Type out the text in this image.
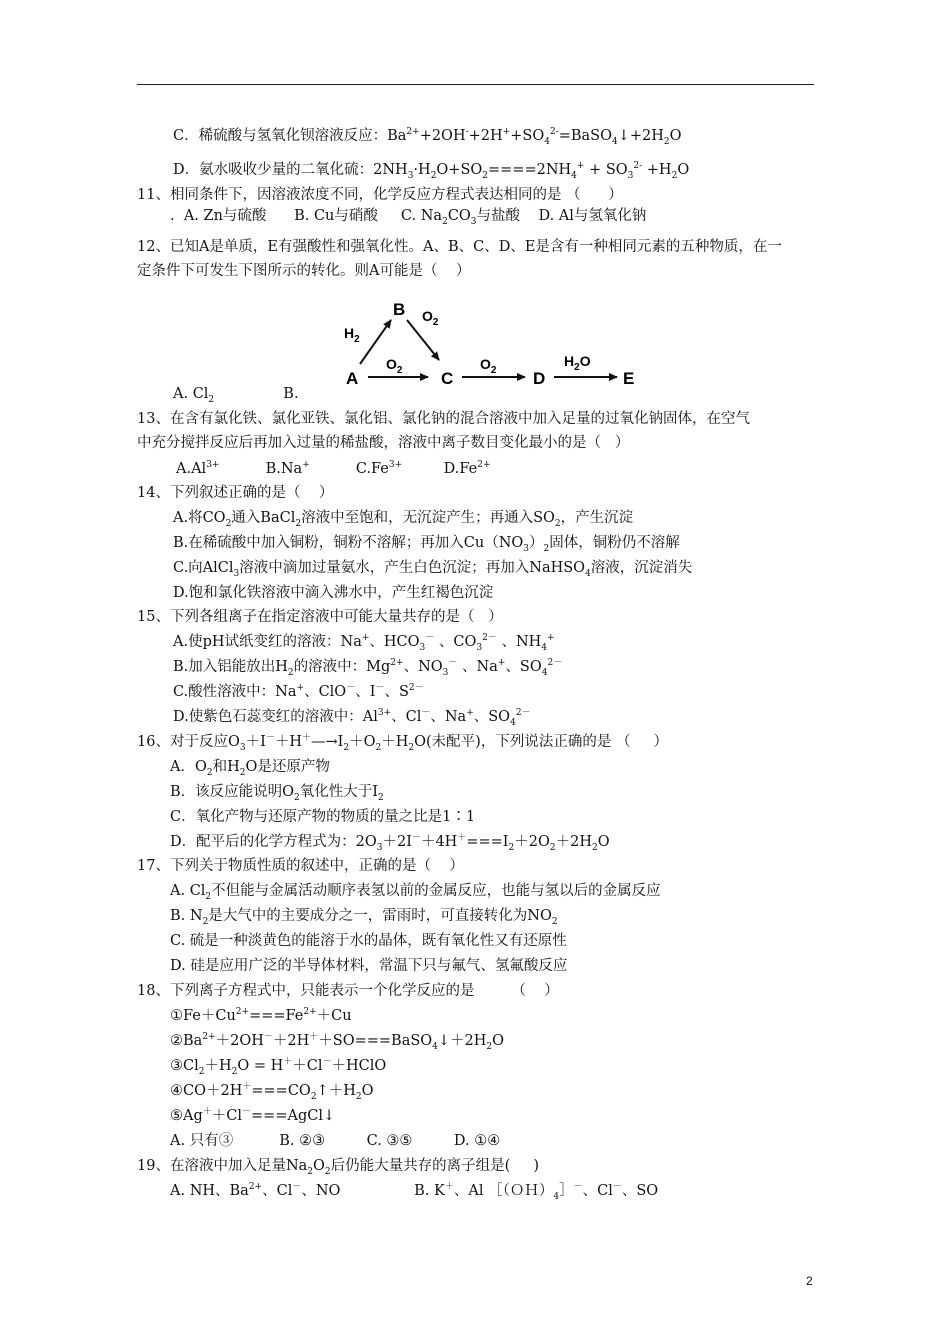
C．稀硫酸与氢氧化钡溶液反应：$Ba^{2+}+2OH^-+2H^++SO_4^{2-}=BaSO_4↓+2H_2O$
D．氨水吸收少量的二氧化硫：$2NH_3\cdot H_2O+SO_2====2NH_4^+ + SO_3^{2-} +H_2O$
11、相同条件下，因溶液浓度不同，化学反应方程式表达相同的是 （      ）
.  A. Zn与硫酸      B. Cu与硝酸     C. $Na_2CO_3$与盐酸    D. Al与氢氧化钠
12、已知A是单质，E有强酸性和强氧化性。A、B、C、D、E是含有一种相同元素的五种物质，在一
定条件下可发生下图所示的转化。则A可能是（    ）
A. $Cl_2$               B.
13、在含有氯化铁、氯化亚铁、氯化铝、氯化钠的混合溶液中加入足量的过氧化钠固体，在空气
中充分搅拌反应后再加入过量的稀盐酸，溶液中离子数目变化最小的是（   ）
$A.Al^{3+}$          B.Na+          $C.Fe^{3+}$         $D.Fe^{2+}$
14、下列叙述正确的是（    ）
A.将$CO_2$通入BaCl$_2$溶液中至饱和，无沉淀产生；再通入$SO_2$，产生沉淀
B.在稀硫酸中加入铜粉，铜粉不溶解；再加入$Cu(NO_3)_2$固体，铜粉仍不溶解
C.向AlCl$_3$溶液中滴加过量氨水，产生白色沉淀；再加入NaHSO$_4$溶液，沉淀消失
D.饱和氯化铁溶液中滴入沸水中，产生红褐色沉淀
15、下列各组离子在指定溶液中可能大量共存的是（   ）
A.使pH试纸变红的溶液：Na+、$HCO_3^-$ 、$CO_3^{2-}$ 、$NH_4^+$
B.加入铝能放出$H_2$的溶液中：$Mg^{2+}$、$NO_3^-$ 、Na+、$SO_4^{2-}$
C.酸性溶液中：Na+、ClO－、I－、$S^{2-}$
D.使紫色石蕊变红的溶液中：$Al^{3+}$、Cl－、Na+、$SO_4^{2-}$
16、对于反应$O_3+I^-+H^+—\to I_2+O_2+H_2O$(未配平)，下列说法正确的是 （     ）
A．$O_2$和$H_2O$是还原产物
B．该反应能说明$O_2$氧化性大于$I_2$
C．氧化产物与还原产物的物质的量之比是1∶1
D．配平后的化学方程式为：$2O_3+2I^-+4H^+===I_2+2O_2+2H_2O$
17、下列关于物质性质的叙述中，正确的是（    ）
A. $Cl_2$不但能与金属活动顺序表氢以前的金属反应，也能与氢以后的金属反应
B. $N_2$是大气中的主要成分之一，雷雨时，可直接转化为$NO_2$
C. 硫是一种淡黄色的能溶于水的晶体，既有氧化性又有还原性
D. 硅是应用广泛的半导体材料，常温下只与氟气、氢氟酸反应
18、下列离子方程式中，只能表示一个化学反应的是        （    ）
$①Fe+Cu^{2+}===Fe^{2+}+Cu$
$②Ba^{2+}+2OH^-+2H^++SO===BaSO_4↓+2H_2O$
$③Cl_2+H_2O$ = H＋＋Cl－＋HClO
$④CO+2H^+===CO_2↑+H_2O$
⑤Ag＋＋Cl－===AgCl↓
A. 只有③          B. ②③         C. ③⑤         D. ①④
19、在溶液中加入足量$Na_2O_2$后仍能大量共存的离子组是(     )
A. NH、$Ba^{2+}$、Cl－、NO                B. K＋、Al $[(OH)_4]^-$、Cl－、SO
A
B
C	D	E
$H_2$
$O_2$
$O_2$	$O_2$
$H_2O$
2
